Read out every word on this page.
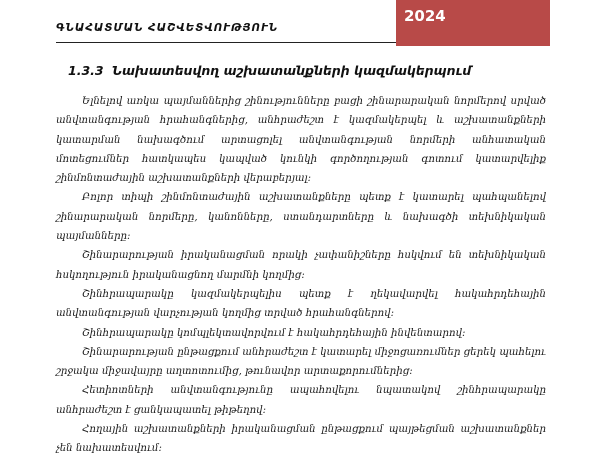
ԳՆԱՀԱՏՄԱՆ ՀԱՇՎԵՏՎՈՒԹՅՈՒՆ
2024
1.3.3 Նախատեսվող աշխատանքների կազմակերպում

Ելնելով առկա պայմաններից շինությունները բացի շինարարական նորմերով սրված անվտանգության հրահանգներից, անհրաժեշտ է կազմակերպել և աշխատանքների կատարման նախագծում արտացոլել անվտանգության նորմերի անհատական մոտեցումներ հատկապես կապված կունկի գործողության գոտում կատարվելիք շինմոնտաժային աշխատանքների վերաբերյալ:

Բոլոր տիպի շինմոնտաժային աշխատանքները պետք է կատարել պահպանելով շինարարական նորմերը, կանոնները, ստանդարտները և նախագծի տեխնիկական պայմանները:

Շինարարության իրականացման որակի չափանիշները հսկվում են տեխնիկական հսկողություն իրականացնող մարմնի կողմից:

Շինհրապարակը կազմակերպելիս պետք է ղեկավարվել հակահրդեհային անվտանգության վարչության կողմից տրված հրահանգներով:

Շինհրապարակը կոմպլեկտավորվում է հակահրդեհային ինվենտարով:

Շինարարության ընթացքում անհրաժեշտ է կատարել միջոցառումներ ցերեկ պահելու շրջակա միջավայրը աղտոտումից, թունավոր արտաքորումներից:

Հետիոտների անվտանգությունը ապահովելու նպատակով շինհրապարակը անհրաժեշտ է ցանկապատել թիթեղով:

Հողային աշխատանքների իրականացման ընթացքում պայթեցման աշխատանքներ չեն նախատեսվում:
